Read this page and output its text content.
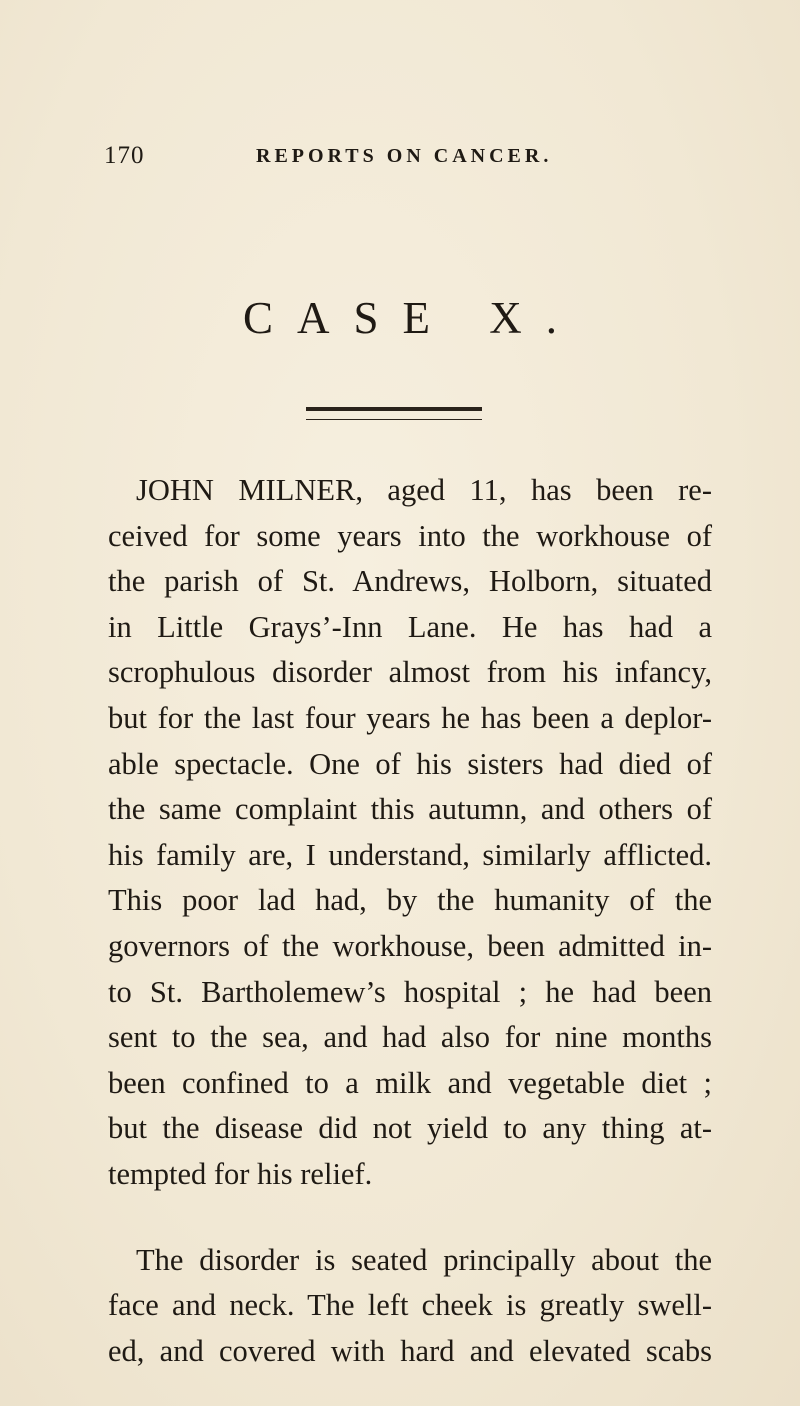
170	REPORTS ON CANCER.
CASE X.
JOHN MILNER, aged 11, has been re-
ceived for some years into the workhouse of
the parish of St. Andrews, Holborn, situated
in Little Grays’-Inn Lane. He has had a
scrophulous disorder almost from his infancy,
but for the last four years he has been a deplor-
able spectacle. One of his sisters had died of
the same complaint this autumn, and others of
his family are, I understand, similarly afflicted.
This poor lad had, by the humanity of the
governors of the workhouse, been admitted in-
to St. Bartholemew’s hospital ; he had been
sent to the sea, and had also for nine months
been confined to a milk and vegetable diet ;
but the disease did not yield to any thing at-
tempted for his relief.
The disorder is seated principally about the
face and neck. The left cheek is greatly swell-
ed, and covered with hard and elevated scabs
